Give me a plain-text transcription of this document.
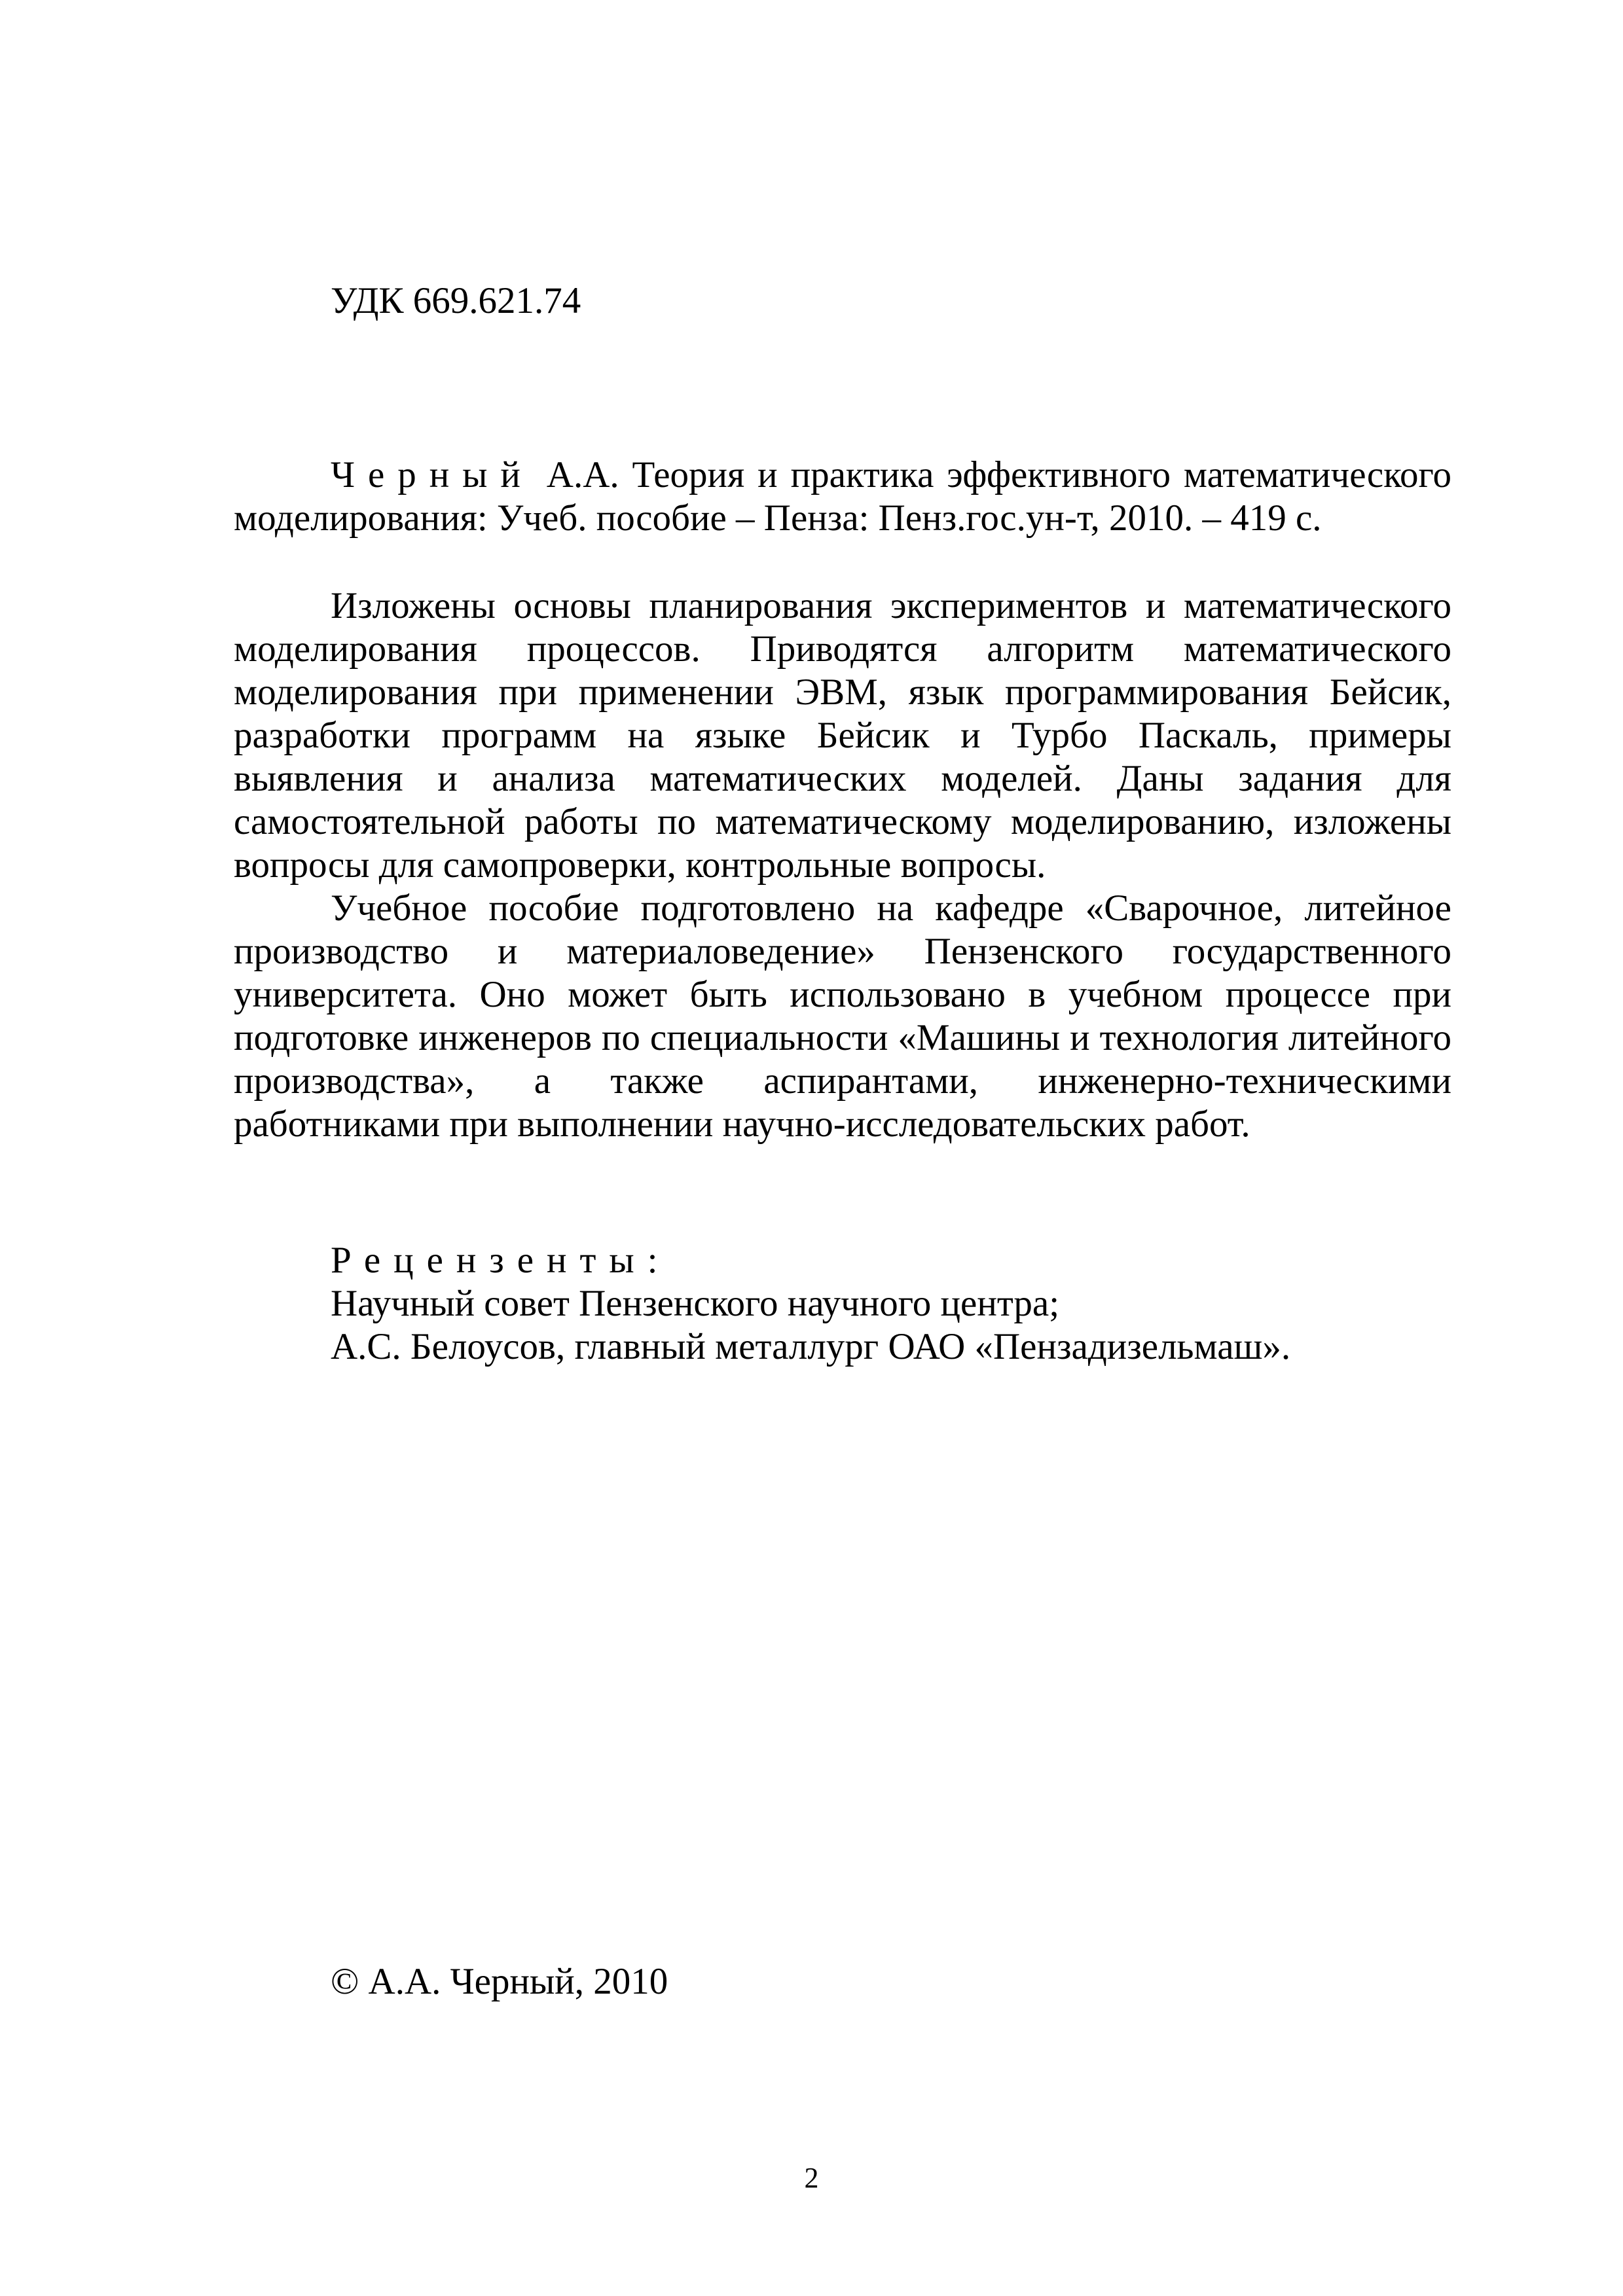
УДК 669.621.74

Черный А.А. Теория и практика эффективного математического моделирования: Учеб. пособие – Пенза: Пенз.гос.ун-т, 2010. – 419 с.

Изложены основы планирования экспериментов и математического моделирования процессов. Приводятся алгоритм математического моделирования при применении ЭВМ, язык программирования Бейсик, разработки программ на языке Бейсик и Турбо Паскаль, примеры выявления и анализа математических моделей. Даны задания для самостоятельной работы по математическому моделированию, изложены вопросы для самопроверки, контрольные вопросы.

Учебное пособие подготовлено на кафедре «Сварочное, литейное производство и материаловедение» Пензенского государственного университета. Оно может быть использовано в учебном процессе при подготовке инженеров по специальности «Машины и технология литейного производства», а также аспирантами, инженерно-техническими работниками при выполнении научно-исследовательских работ.

Рецензенты:
Научный совет Пензенского научного центра;
А.С. Белоусов, главный металлург ОАО «Пензадизельмаш».
© А.А. Черный, 2010
2
